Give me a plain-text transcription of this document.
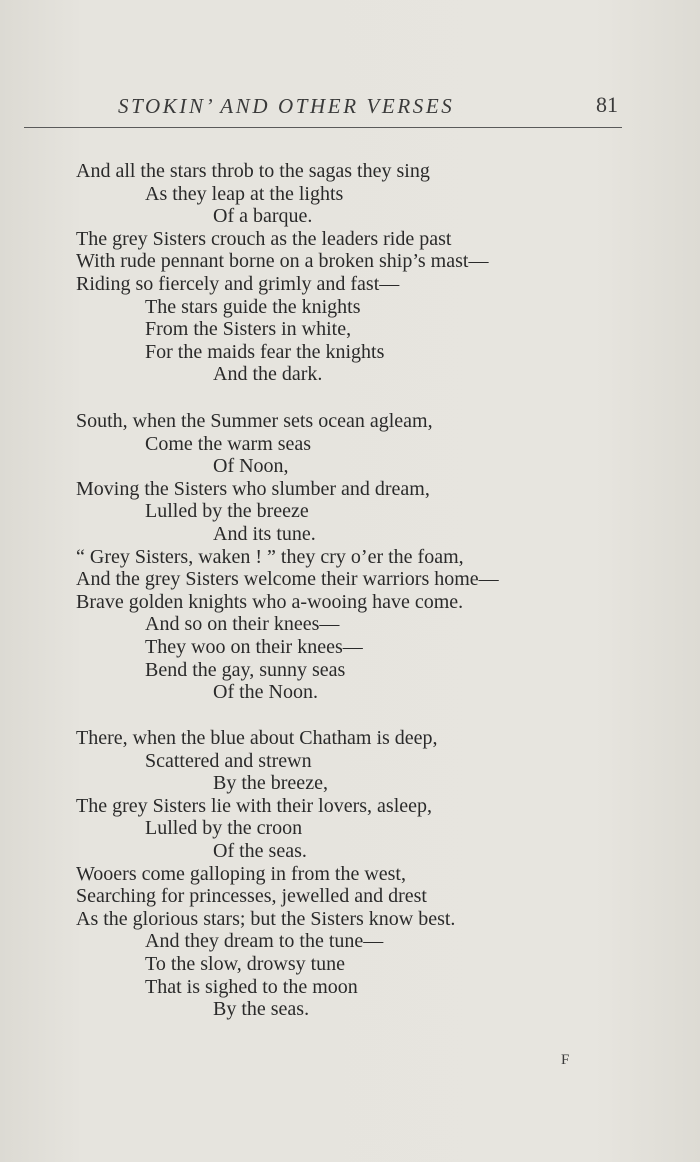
STOKIN’ AND OTHER VERSES	81
And all the stars throb to the sagas they sing
As they leap at the lights
Of a barque.
The grey Sisters crouch as the leaders ride past
With rude pennant borne on a broken ship’s mast—
Riding so fiercely and grimly and fast—
The stars guide the knights
From the Sisters in white,
For the maids fear the knights
And the dark.
South, when the Summer sets ocean agleam,
Come the warm seas
Of Noon,
Moving the Sisters who slumber and dream,
Lulled by the breeze
And its tune.
“ Grey Sisters, waken ! ” they cry o’er the foam,
And the grey Sisters welcome their warriors home—
Brave golden knights who a-wooing have come.
And so on their knees—
They woo on their knees—
Bend the gay, sunny seas
Of the Noon.
There, when the blue about Chatham is deep,
Scattered and strewn
By the breeze,
The grey Sisters lie with their lovers, asleep,
Lulled by the croon
Of the seas.
Wooers come galloping in from the west,
Searching for princesses, jewelled and drest
As the glorious stars; but the Sisters know best.
And they dream to the tune—
To the slow, drowsy tune
That is sighed to the moon
By the seas.
F
